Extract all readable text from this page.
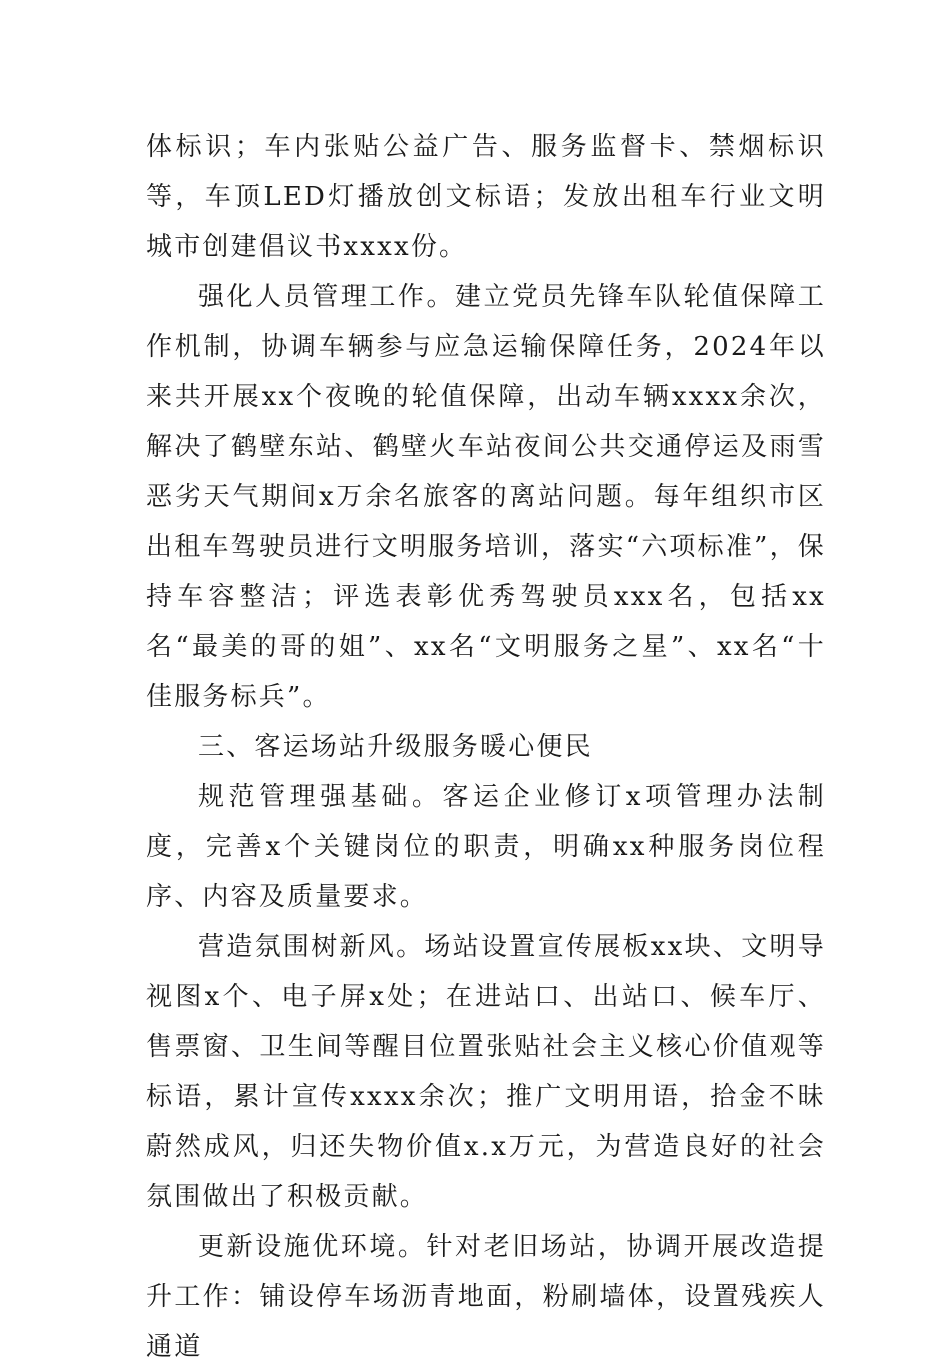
体标识；车内张贴公益广告、服务监督卡、禁烟标识等，车顶LED灯播放创文标语；发放出租车行业文明城市创建倡议书xxxx份。

强化人员管理工作。建立党员先锋车队轮值保障工作机制，协调车辆参与应急运输保障任务，2024年以来共开展xx个夜晚的轮值保障，出动车辆xxxx余次，解决了鹤壁东站、鹤壁火车站夜间公共交通停运及雨雪恶劣天气期间x万余名旅客的离站问题。每年组织市区出租车驾驶员进行文明服务培训，落实“六项标准”，保持车容整洁；评选表彰优秀驾驶员xxx名，包括xx名“最美的哥的姐”、xx名“文明服务之星”、xx名“十佳服务标兵”。

三、客运场站升级服务暖心便民

规范管理强基础。客运企业修订x项管理办法制度，完善x个关键岗位的职责，明确xx种服务岗位程序、内容及质量要求。

营造氛围树新风。场站设置宣传展板xx块、文明导视图x个、电子屏x处；在进站口、出站口、候车厅、售票窗、卫生间等醒目位置张贴社会主义核心价值观等标语，累计宣传xxxx余次；推广文明用语，拾金不昧蔚然成风，归还失物价值x.x万元，为营造良好的社会氛围做出了积极贡献。

更新设施优环境。针对老旧场站，协调开展改造提升工作：铺设停车场沥青地面，粉刷墙体，设置残疾人通道
